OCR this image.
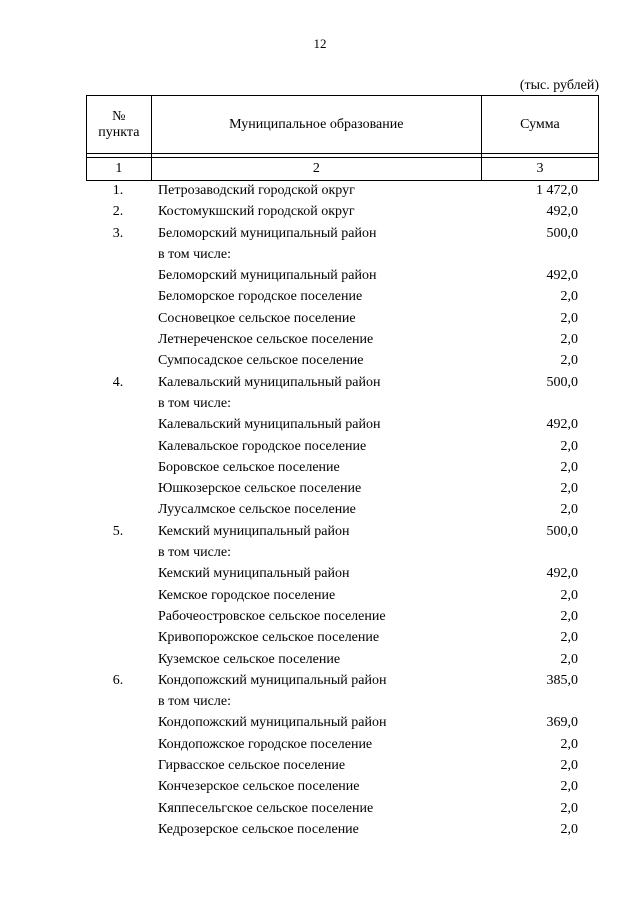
12
(тыс. рублей)
№
пункта	Муниципальное образование	Сумма

1	2	3
1.	Петрозаводский городской округ	1 472,0
2.	Костомукшский городской округ	492,0
3.	Беломорский муниципальный район	500,0
в том числе:
Беломорский муниципальный район	492,0
Беломорское городское поселение	2,0
Сосновецкое сельское поселение	2,0
Летнереченское сельское поселение	2,0
Сумпосадское сельское поселение	2,0
4.	Калевальский муниципальный район	500,0
в том числе:
Калевальский муниципальный район	492,0
Калевальское городское поселение	2,0
Боровское сельское поселение	2,0
Юшкозерское сельское поселение	2,0
Луусалмское сельское поселение	2,0
5.	Кемский муниципальный район	500,0
в том числе:
Кемский муниципальный район	492,0
Кемское городское поселение	2,0
Рабочеостровское сельское поселение	2,0
Кривопорожское сельское поселение	2,0
Куземское сельское поселение	2,0
6.	Кондопожский муниципальный район	385,0
в том числе:
Кондопожский муниципальный район	369,0
Кондопожское городское поселение	2,0
Гирвасское сельское поселение	2,0
Кончезерское сельское поселение	2,0
Кяппесельгское сельское поселение	2,0
Кедрозерское сельское поселение	2,0
